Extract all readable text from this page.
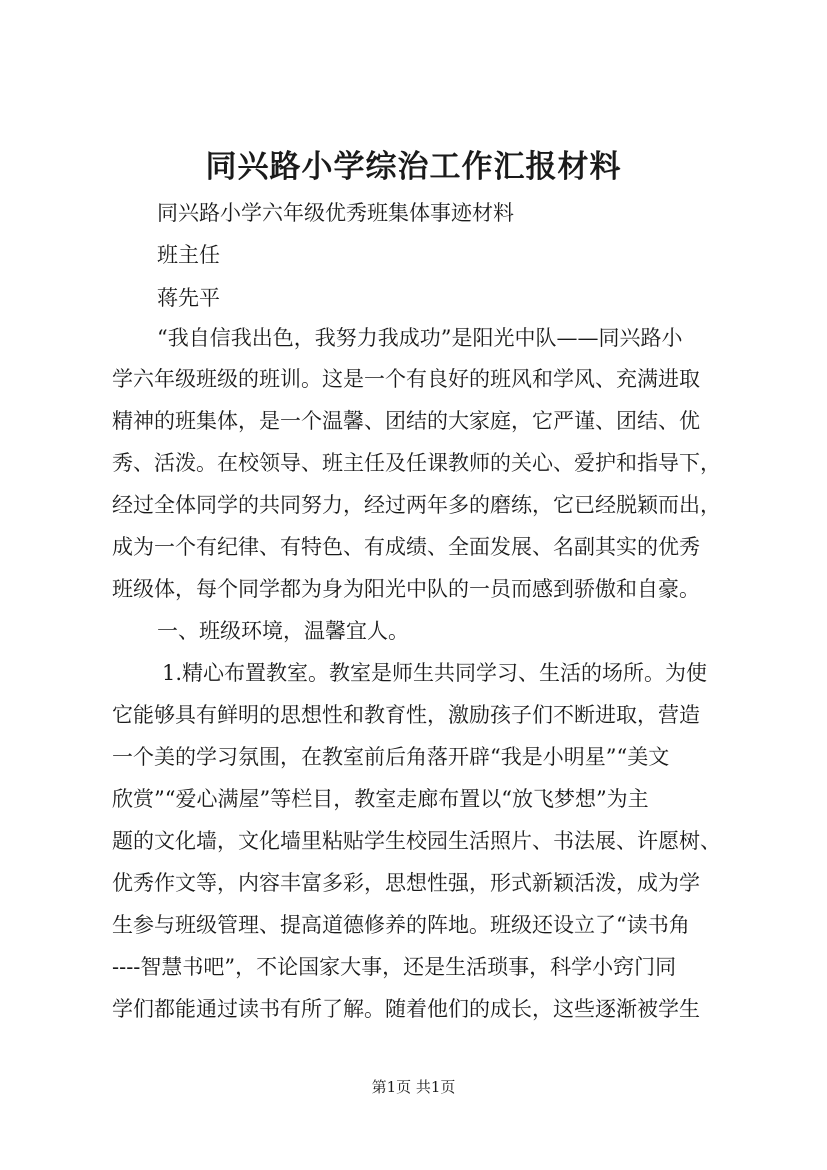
同兴路小学综治工作汇报材料
同兴路小学六年级优秀班集体事迹材料
班主任
蒋先平
“我自信我出色，我努力我成功”是阳光中队——同兴路小
学六年级班级的班训。这是一个有良好的班风和学风、充满进取
精神的班集体，是一个温馨、团结的大家庭，它严谨、团结、优
秀、活泼。在校领导、班主任及任课教师的关心、爱护和指导下，
经过全体同学的共同努力，经过两年多的磨练，它已经脱颖而出，
成为一个有纪律、有特色、有成绩、全面发展、名副其实的优秀
班级体，每个同学都为身为阳光中队的一员而感到骄傲和自豪。
一、班级环境，温馨宜人。
1.精心布置教室。教室是师生共同学习、生活的场所。为使
它能够具有鲜明的思想性和教育性，激励孩子们不断进取，营造
一个美的学习氛围，在教室前后角落开辟“我是小明星”“美文
欣赏”“爱心满屋”等栏目，教室走廊布置以“放飞梦想”为主
题的文化墙，文化墙里粘贴学生校园生活照片、书法展、许愿树、
优秀作文等，内容丰富多彩，思想性强，形式新颖活泼，成为学
生参与班级管理、提高道德修养的阵地。班级还设立了“读书角
----智慧书吧”，不论国家大事，还是生活琐事，科学小窍门同
学们都能通过读书有所了解。随着他们的成长，这些逐渐被学生
第1页 共1页
